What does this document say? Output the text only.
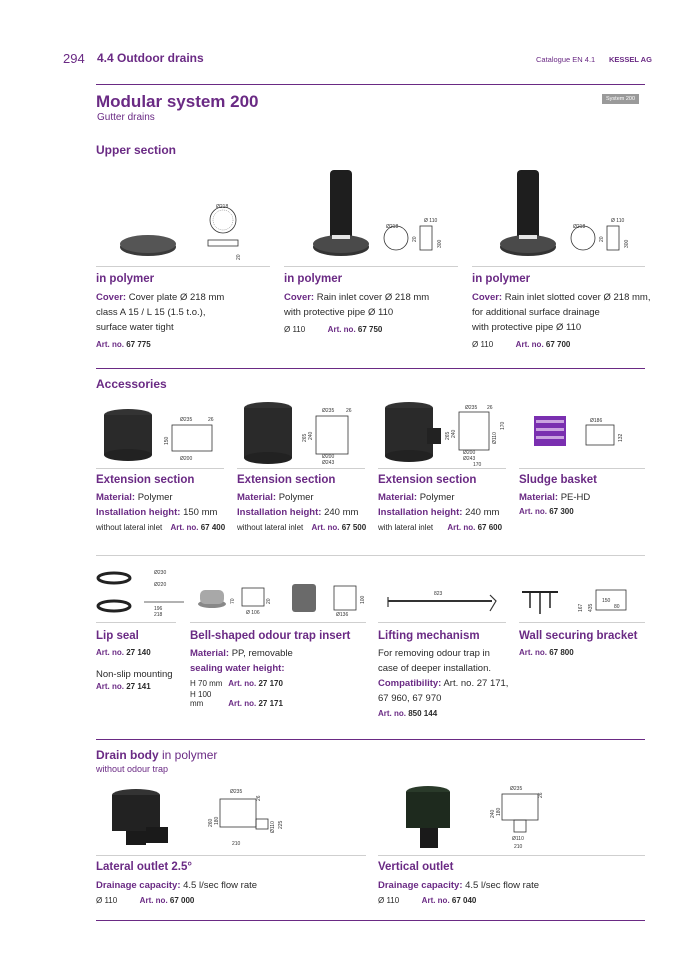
294 4.4 Outdoor drains	Catalogue EN 4.1 KESSEL AG
Modular system 200
Gutter drains
System 200
Upper section
Ø218
20
Ø218
Ø 110
20
300
Ø218
Ø 110
20
300
in polymer
Cover: Cover plate Ø 218 mm
class A 15 / L 15 (1.5 t.o.),
surface water tight
Art. no. 67 775
in polymer
Cover: Rain inlet cover Ø 218 mm
with protective pipe Ø 110
Ø 110	Art. no. 67 750
in polymer
Cover: Rain inlet slotted cover Ø 218 mm,
for additional surface drainage
with protective pipe Ø 110
Ø 110	Art. no. 67 700
Accessories
Ø235	26
150
Ø200
Ø235 26
265 240
Ø200
Ø243
Ø235 26
265 240
170
Ø110
Ø200
Ø243
170
Ø186
132
Extension section
Material: Polymer
Installation height: 150 mm
without lateral inlet Art. no. 67 400
Extension section
Material: Polymer
Installation height: 240 mm
without lateral inlet Art. no. 67 500
Extension section
Material: Polymer
Installation height: 240 mm
with lateral inlet Art. no. 67 600
Sludge basket
Material: PE-HD
Art. no. 67 300
Ø230
Ø220
196
218
70	20
Ø 106
100
Ø136
823
167 435
150
80
Lip seal
Art. no. 27 140
Non-slip mounting
Art. no. 27 141
Bell-shaped odour trap insert
Material: PP, removable
sealing water height:
H 70 mm Art. no. 27 170
H 100 mm	Art. no. 27 171
Lifting mechanism
For removing odour trap in
case of deeper installation.
Compatibility: Art. no. 27 171,
67 960, 67 970
Art. no. 850 144
Wall securing bracket
Art. no. 67 800
Drain body in polymer
without odour trap
Ø235
26
260 180	225
Ø110
210
Ø235
26
240 180
Ø110
210
Lateral outlet 2.5°
Drainage capacity: 4.5 l/sec flow rate
Ø 110	Art. no. 67 000
Vertical outlet
Drainage capacity: 4.5 l/sec flow rate
Ø 110	Art. no. 67 040
